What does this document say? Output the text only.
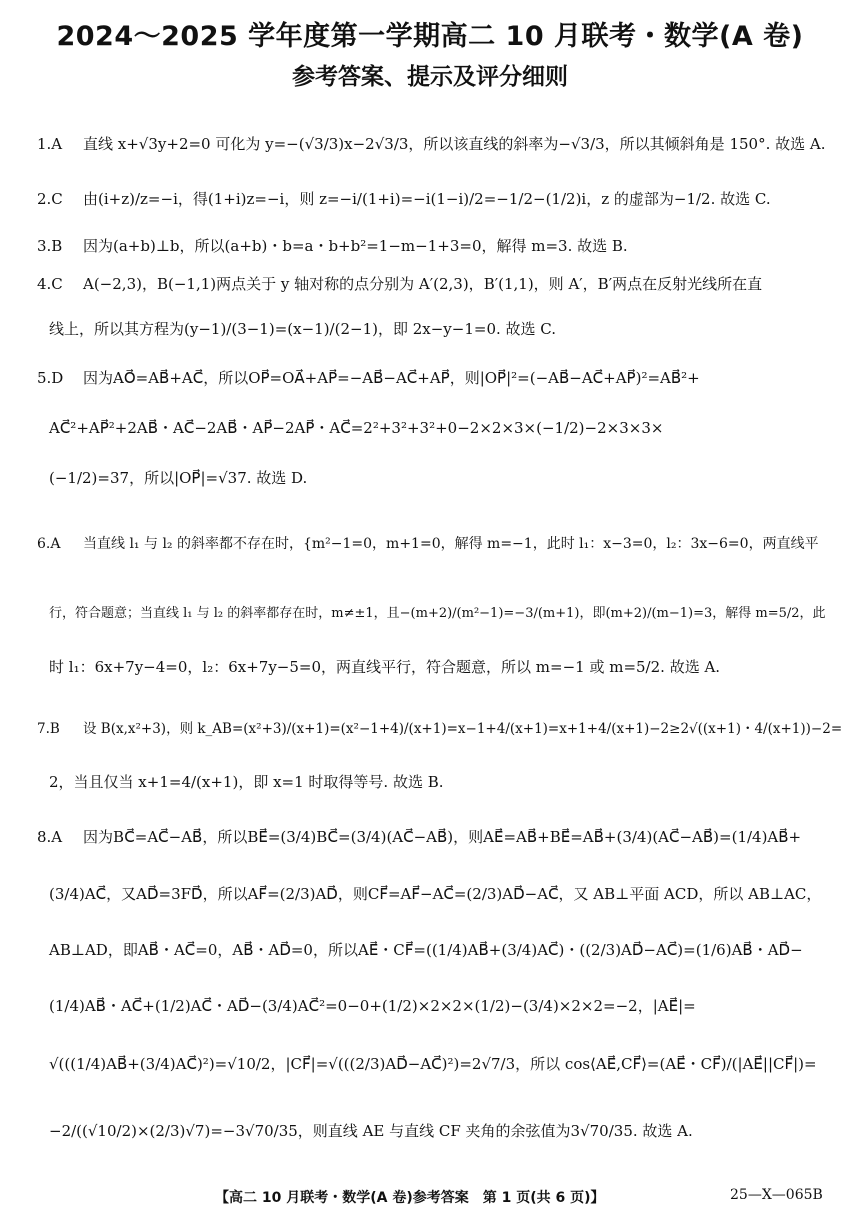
2024～2025 学年度第一学期高二 10 月联考・数学(A 卷)
参考答案、提示及评分细则
1.A 直线 x+√3y+2=0 可化为 y=−(√3/3)x−2√3/3，所以该直线的斜率为−√3/3，所以其倾斜角是 150°. 故选 A.
2.C 由(i+z)/z=−i，得(1+i)z=−i，则 z=−i/(1+i)=−i(1−i)/2=−1/2−(1/2)i，z 的虚部为−1/2. 故选 C.
3.B 因为(a+b)⊥b，所以(a+b)・b=a・b+b²=1−m−1+3=0，解得 m=3. 故选 B.
4.C A(−2,3)，B(−1,1)两点关于 y 轴对称的点分别为 A′(2,3)，B′(1,1)，则 A′，B′两点在反射光线所在直
线上，所以其方程为(y−1)/(3−1)=(x−1)/(2−1)，即 2x−y−1=0. 故选 C.
5.D 因为AO⃗=AB⃗+AC⃗，所以OP⃗=OA⃗+AP⃗=−AB⃗−AC⃗+AP⃗，则|OP⃗|²=(−AB⃗−AC⃗+AP⃗)²=AB⃗²+
AC⃗²+AP⃗²+2AB⃗・AC⃗−2AB⃗・AP⃗−2AP⃗・AC⃗=2²+3²+3²+0−2×2×3×(−1/2)−2×3×3×
(−1/2)=37，所以|OP⃗|=√37. 故选 D.
6.A 当直线 l₁ 与 l₂ 的斜率都不存在时，{m²−1=0，m+1=0，解得 m=−1，此时 l₁：x−3=0，l₂：3x−6=0，两直线平
行，符合题意；当直线 l₁ 与 l₂ 的斜率都存在时，m≠±1，且−(m+2)/(m²−1)=−3/(m+1)，即(m+2)/(m−1)=3，解得 m=5/2，此
时 l₁：6x+7y−4=0，l₂：6x+7y−5=0，两直线平行，符合题意，所以 m=−1 或 m=5/2. 故选 A.
7.B 设 B(x,x²+3)，则 k_AB=(x²+3)/(x+1)=(x²−1+4)/(x+1)=x−1+4/(x+1)=x+1+4/(x+1)−2≥2√((x+1)・4/(x+1))−2=
2，当且仅当 x+1=4/(x+1)，即 x=1 时取得等号. 故选 B.
8.A 因为BC⃗=AC⃗−AB⃗，所以BE⃗=(3/4)BC⃗=(3/4)(AC⃗−AB⃗)，则AE⃗=AB⃗+BE⃗=AB⃗+(3/4)(AC⃗−AB⃗)=(1/4)AB⃗+
(3/4)AC⃗，又AD⃗=3FD⃗，所以AF⃗=(2/3)AD⃗，则CF⃗=AF⃗−AC⃗=(2/3)AD⃗−AC⃗，又 AB⊥平面 ACD，所以 AB⊥AC，
AB⊥AD，即AB⃗・AC⃗=0，AB⃗・AD⃗=0，所以AE⃗・CF⃗=((1/4)AB⃗+(3/4)AC⃗)・((2/3)AD⃗−AC⃗)=(1/6)AB⃗・AD⃗−
(1/4)AB⃗・AC⃗+(1/2)AC⃗・AD⃗−(3/4)AC⃗²=0−0+(1/2)×2×2×(1/2)−(3/4)×2×2=−2，|AE⃗|=
√(((1/4)AB⃗+(3/4)AC⃗)²)=√10/2，|CF⃗|=√(((2/3)AD⃗−AC⃗)²)=2√7/3，所以 cos⟨AE⃗,CF⃗⟩=(AE⃗・CF⃗)/(|AE⃗||CF⃗|)=
−2/((√10/2)×(2/3)√7)=−3√70/35，则直线 AE 与直线 CF 夹角的余弦值为3√70/35. 故选 A.
【高二 10 月联考・数学(A 卷)参考答案　第 1 页(共 6 页)】	25—X—065B
